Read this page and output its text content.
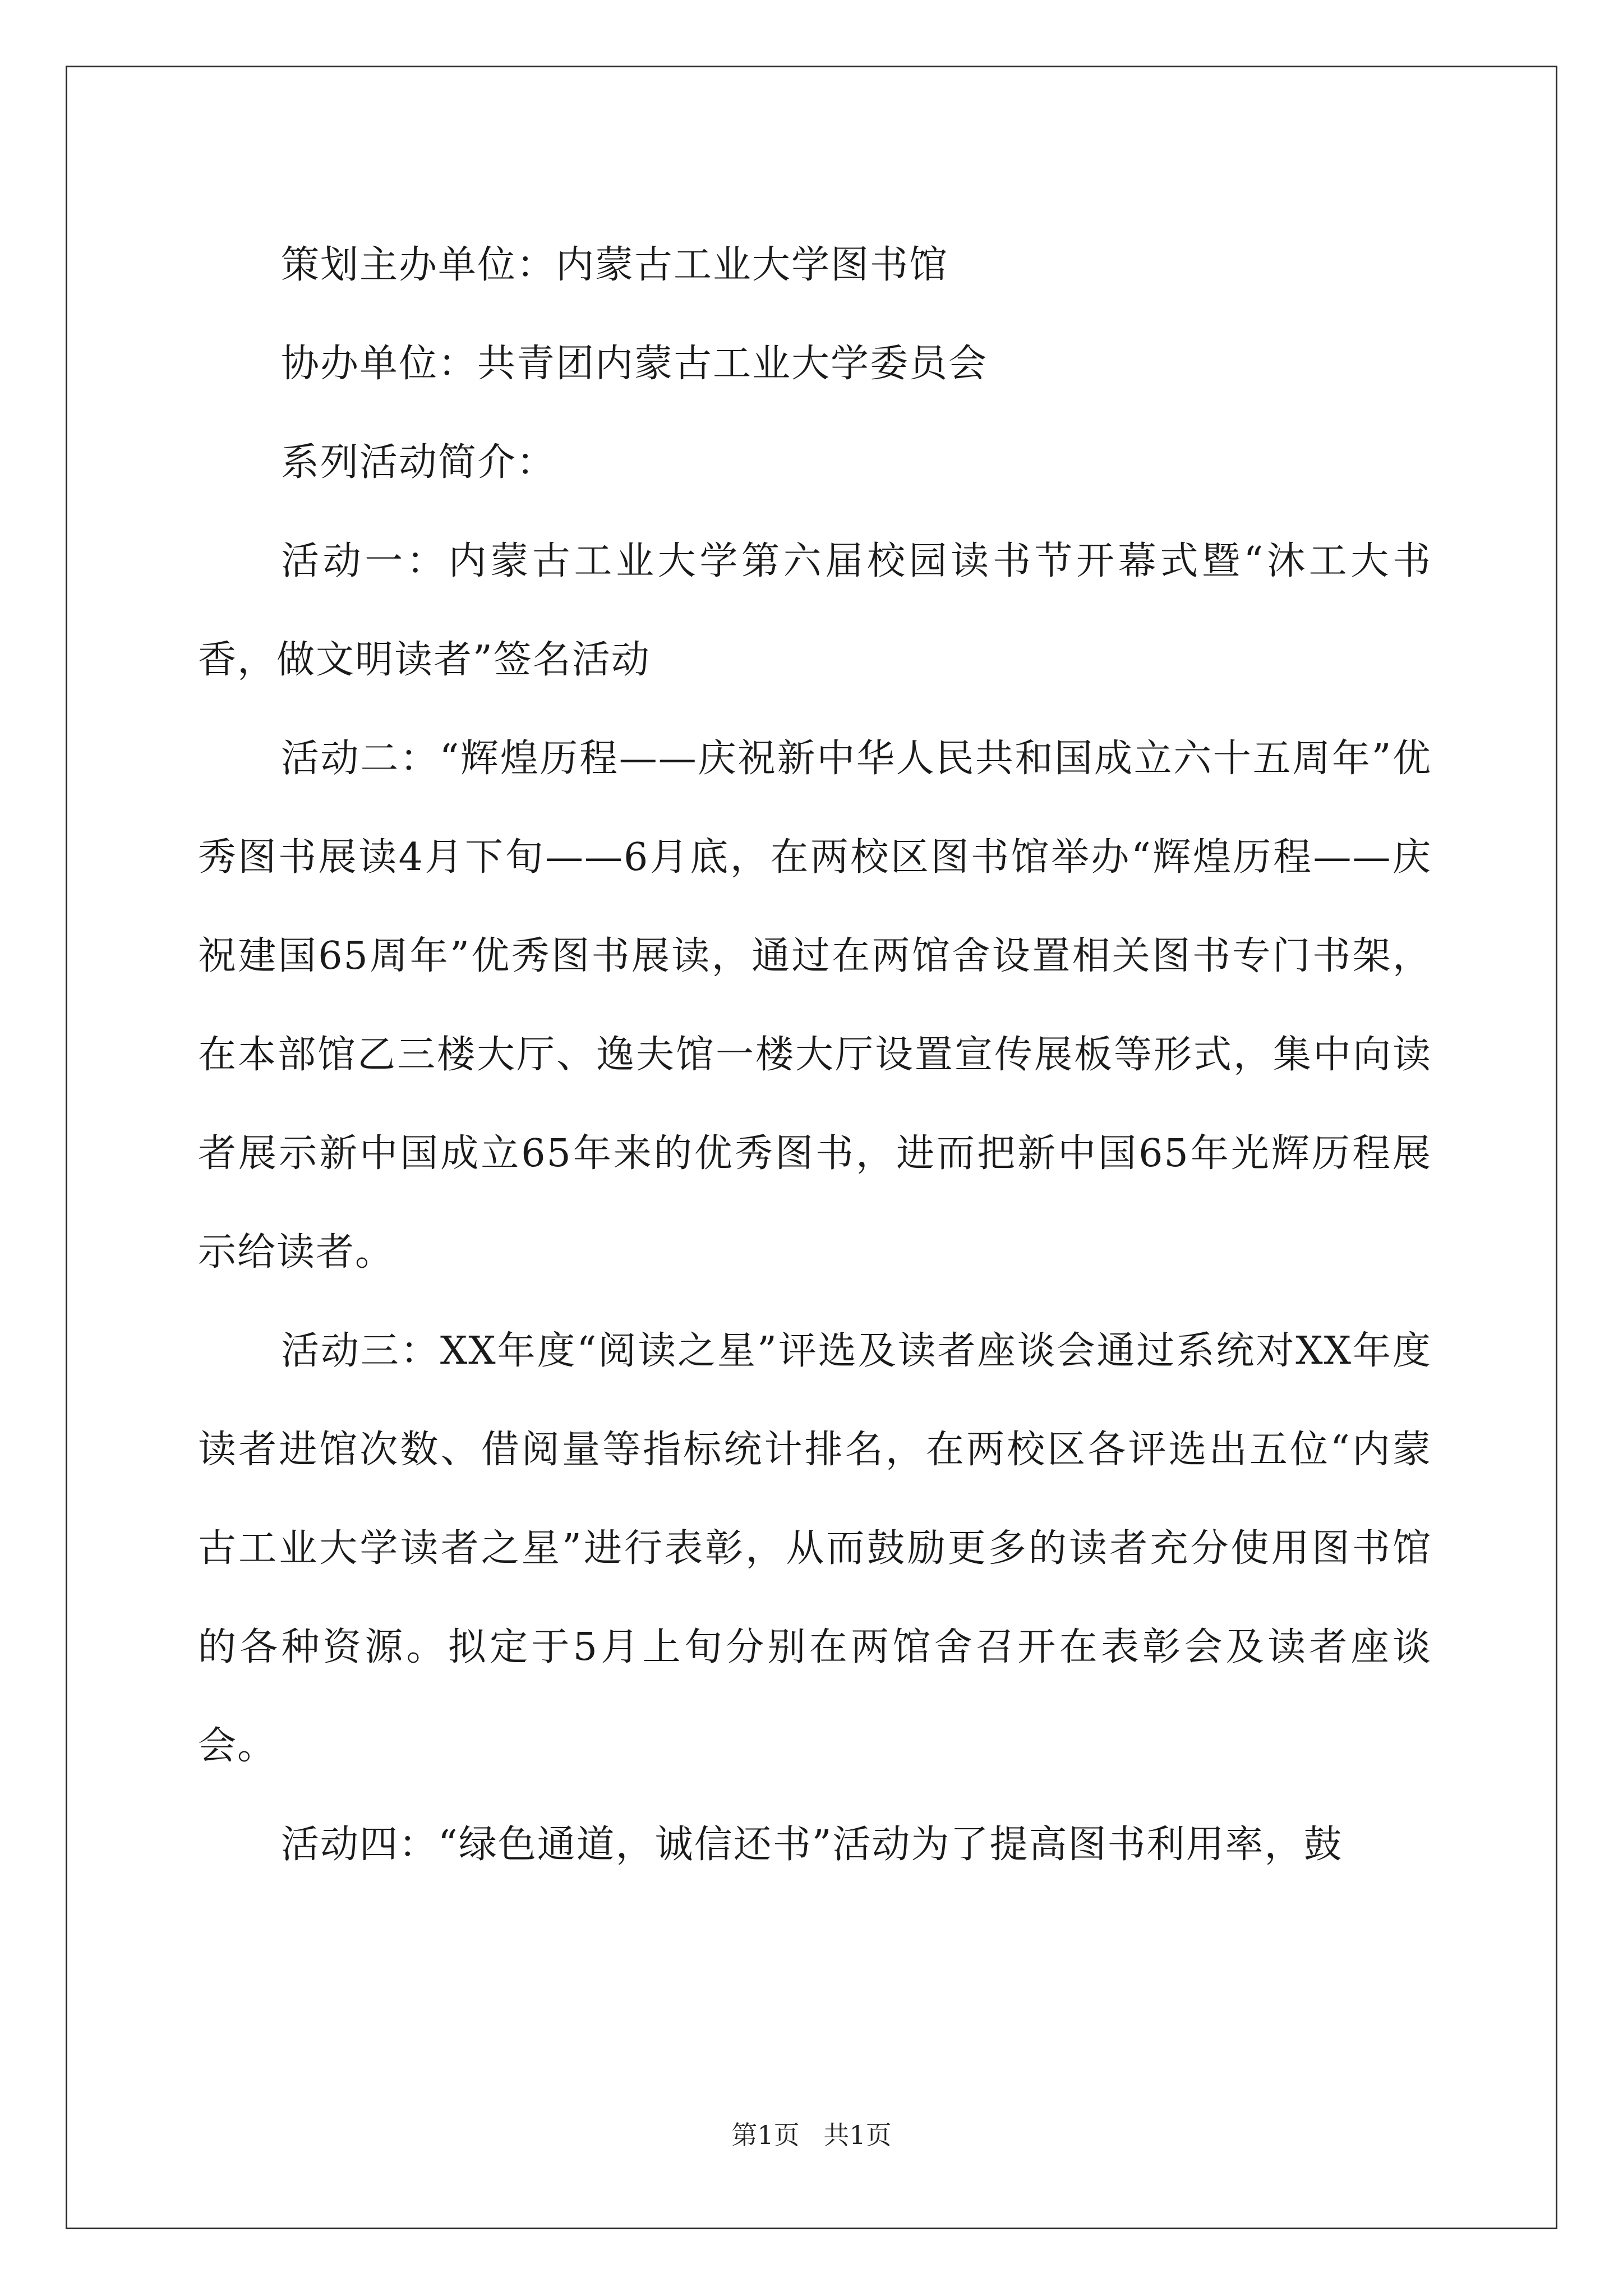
策划主办单位：内蒙古工业大学图书馆

协办单位：共青团内蒙古工业大学委员会

系列活动简介：

活动一：内蒙古工业大学第六届校园读书节开幕式暨“沐工大书香，做文明读者”签名活动

活动二：“辉煌历程——庆祝新中华人民共和国成立六十五周年”优秀图书展读4月下旬——6月底，在两校区图书馆举办“辉煌历程——庆祝建国65周年”优秀图书展读，通过在两馆舍设置相关图书专门书架，在本部馆乙三楼大厅、逸夫馆一楼大厅设置宣传展板等形式，集中向读者展示新中国成立65年来的优秀图书，进而把新中国65年光辉历程展示给读者。

活动三：XX年度“阅读之星”评选及读者座谈会通过系统对XX年度读者进馆次数、借阅量等指标统计排名，在两校区各评选出五位“内蒙古工业大学读者之星”进行表彰，从而鼓励更多的读者充分使用图书馆的各种资源。拟定于5月上旬分别在两馆舍召开在表彰会及读者座谈会。

活动四：“绿色通道，诚信还书”活动为了提高图书利用率，鼓

第1页 共1页
